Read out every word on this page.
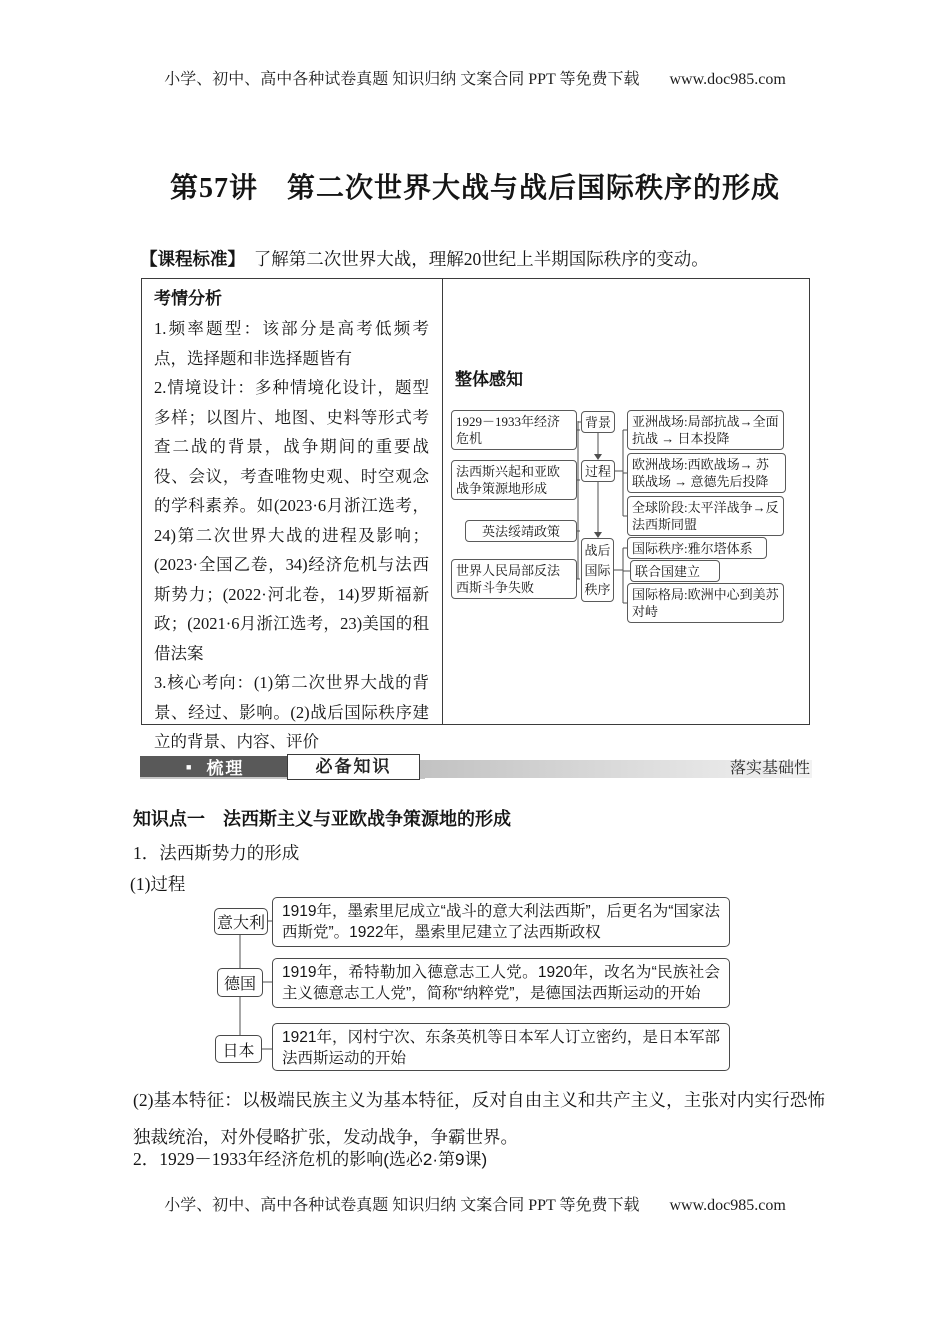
小学、初中、高中各种试卷真题 知识归纳 文案合同 PPT 等免费下载 www.doc985.com
第57讲　第二次世界大战与战后国际秩序的形成
【课程标准】　了解第二次世界大战，理解20世纪上半期国际秩序的变动。
考情分析

1.频率题型：该部分是高考低频考点，选择题和非选择题皆有

2.情境设计：多种情境化设计，题型多样；以图片、地图、史料等形式考查二战的背景，战争期间的重要战役、会议，考查唯物史观、时空观念的学科素养。如(2023·6月浙江选考，24)第二次世界大战的进程及影响；(2023·全国乙卷，34)经济危机与法西斯势力；(2022·河北卷，14)罗斯福新政；(2021·6月浙江选考，23)美国的租借法案

3.核心考向：(1)第二次世界大战的背景、经过、影响。(2)战后国际秩序建立的背景、内容、评价

整体感知
1929－1933年经济危机
法西斯兴起和亚欧战争策源地形成
英法绥靖政策
世界人民局部反法西斯斗争失败
背景
过程
战后国际秩序
亚洲战场:局部抗战→全面抗战 → 日本投降
欧洲战场:西欧战场→ 苏联战场 → 意德先后投降
全球阶段:太平洋战争→反法西斯同盟
国际秩序:雅尔塔体系
联合国建立
国际格局:欧洲中心到美苏对峙
■ 梳理	必备知识	落实基础性
知识点一　法西斯主义与亚欧战争策源地的形成
1．法西斯势力的形成
(1)过程
意大利
1919年，墨索里尼成立“战斗的意大利法西斯”，后更名为“国家法西斯党”。1922年，墨索里尼建立了法西斯政权
德国
1919年，希特勒加入德意志工人党。1920年，改名为“民族社会主义德意志工人党”，简称“纳粹党”，是德国法西斯运动的开始
日本
1921年，冈村宁次、东条英机等日本军人订立密约，是日本军部法西斯运动的开始
(2)基本特征：以极端民族主义为基本特征，反对自由主义和共产主义，主张对内实行恐怖独裁统治，对外侵略扩张，发动战争，争霸世界。
2．1929－1933年经济危机的影响(选必2·第9课)
小学、初中、高中各种试卷真题 知识归纳 文案合同 PPT 等免费下载 www.doc985.com
